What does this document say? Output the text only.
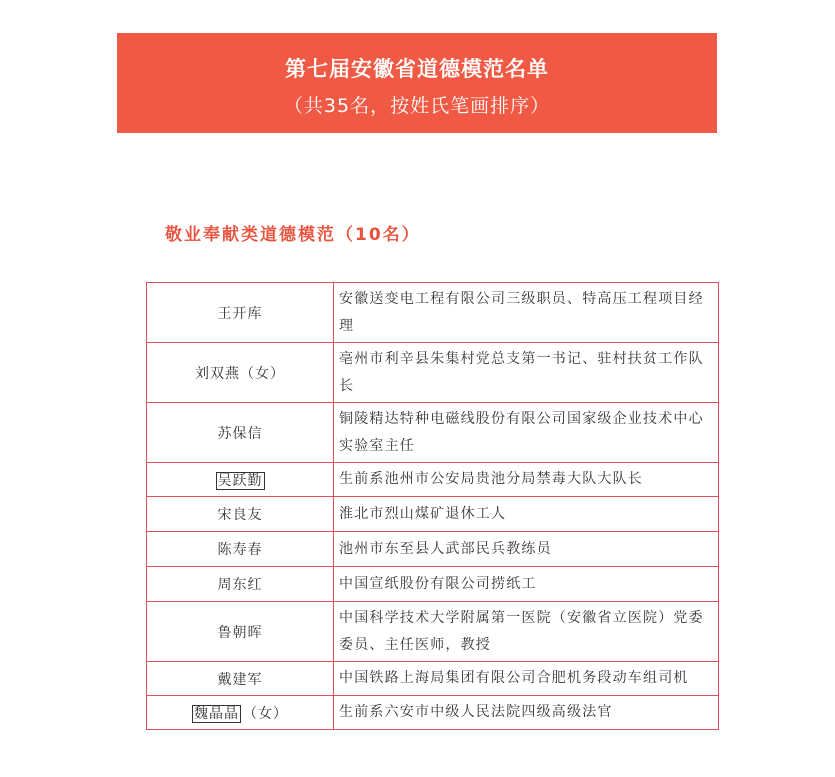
第七届安徽省道德模范名单
（共35名，按姓氏笔画排序）
敬业奉献类道德模范（10名）
王开库	安徽送变电工程有限公司三级职员、特高压工程项目经理
刘双燕（女）	亳州市利辛县朱集村党总支第一书记、驻村扶贫工作队长
苏保信	铜陵精达特种电磁线股份有限公司国家级企业技术中心实验室主任
吴跃勤	生前系池州市公安局贵池分局禁毒大队大队长
宋良友	淮北市烈山煤矿退休工人
陈寿春	池州市东至县人武部民兵教练员
周东红	中国宣纸股份有限公司捞纸工
鲁朝晖	中国科学技术大学附属第一医院（安徽省立医院）党委委员、主任医师，教授
戴建军	中国铁路上海局集团有限公司合肥机务段动车组司机
魏晶晶 （女）	生前系六安市中级人民法院四级高级法官
